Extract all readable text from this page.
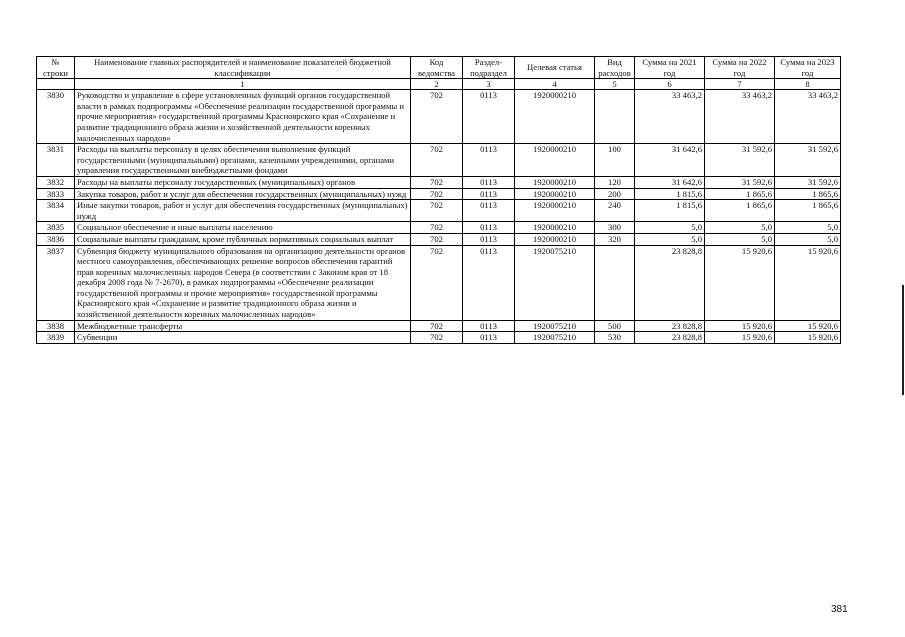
№ строки	Наименование главных распорядителей и наименование показателей бюджетной классификации	Код ведомства	Раздел-подраздел	Целевая статья	Вид расходов	Сумма на 2021 год	Сумма на 2022 год	Сумма на 2023 год
	1	2	3	4	5	6	7	8
3830	Руководство и управление в сфере установленных функций органов государственной власти в рамках подпрограммы «Обеспечение реализации государственной программы и прочие мероприятия» государственной программы Красноярского края «Сохранение и развитие традиционного образа жизни и хозяйственной деятельности коренных малочисленных народов»	702	0113	1920000210		33 463,2	33 463,2	33 463,2
3831	Расходы на выплаты персоналу в целях обеспечения выполнения функций государственными (муниципальными) органами, казенными учреждениями, органами управления государственными внебюджетными фондами	702	0113	1920000210	100	31 642,6	31 592,6	31 592,6
3832	Расходы на выплаты персоналу государственных (муниципальных) органов	702	0113	1920000210	120	31 642,6	31 592,6	31 592,6
3833	Закупка товаров, работ и услуг для обеспечения государственных (муниципальных) нужд	702	0113	1920000210	200	1 815,6	1 865,6	1 865,6
3834	Иные закупки товаров, работ и услуг для обеспечения государственных (муниципальных) нужд	702	0113	1920000210	240	1 815,6	1 865,6	1 865,6
3835	Социальное обеспечение и иные выплаты населению	702	0113	1920000210	300	5,0	5,0	5,0
3836	Социальные выплаты гражданам, кроме публичных нормативных социальных выплат	702	0113	1920000210	320	5,0	5,0	5,0
3837	Субвенция бюджету муниципального образования на организацию деятельности органов местного самоуправления, обеспечивающих решение вопросов обеспечения гарантий прав коренных малочисленных народов Севера (в соответствии с Законом края от 18 декабря 2008 года № 7-2670), в рамках подпрограммы «Обеспечение реализации государственной программы и прочие мероприятия» государственной программы Красноярского края «Сохранение и развитие традиционного образа жизни и хозяйственной деятельности коренных малочисленных народов»	702	0113	1920075210		23 828,8	15 920,6	15 920,6
3838	Межбюджетные трансферты	702	0113	1920075210	500	23 828,8	15 920,6	15 920,6
3839	Субвенции	702	0113	1920075210	530	23 828,8	15 920,6	15 920,6
381
